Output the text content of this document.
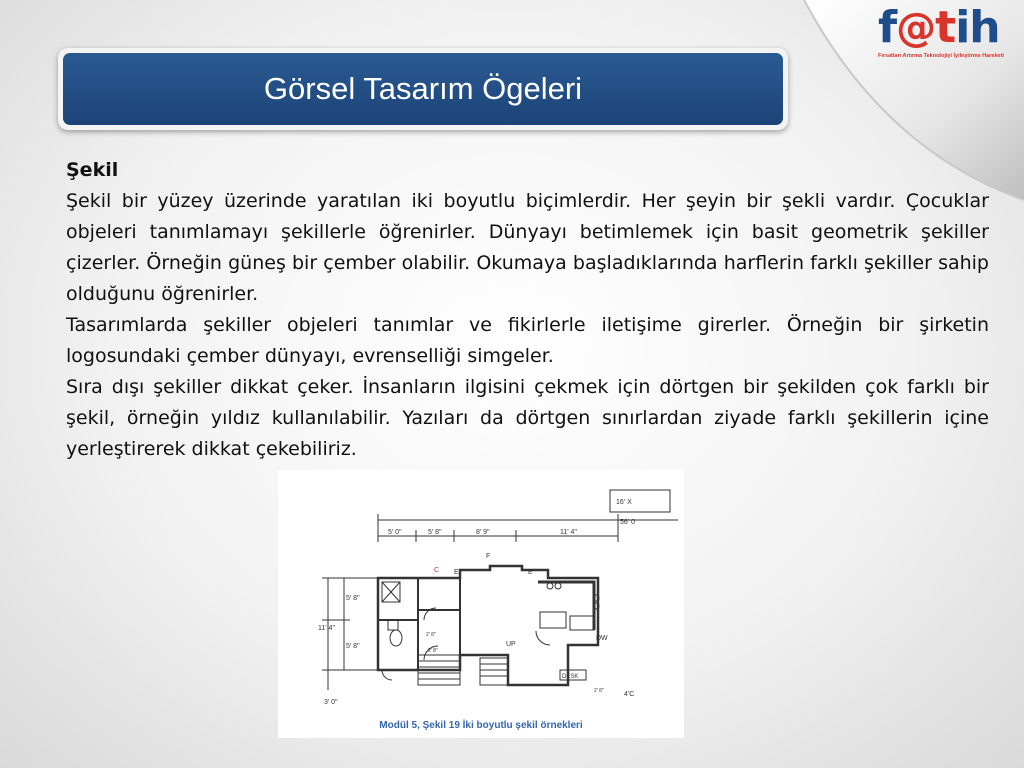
f @ t ih
Fırsatları Artırma Teknolojiyi İyileştirme Hareketi
Görsel Tasarım Ögeleri

Şekil

Şekil bir yüzey üzerinde yaratılan iki boyutlu biçimlerdir. Her şeyin bir şekli vardır. Çocuklar objeleri tanımlamayı şekillerle öğrenirler. Dünyayı betimlemek için basit geometrik şekiller çizerler. Örneğin güneş bir çember olabilir. Okumaya başladıklarında harflerin farklı şekiller sahip olduğunu öğrenirler.

Tasarımlarda şekiller objeleri tanımlar ve fikirlerle iletişime girerler. Örneğin bir şirketin logosundaki çember dünyayı, evrenselliği simgeler.

Sıra dışı şekiller dikkat çeker. İnsanların ilgisini çekmek için dörtgen bir şekilden çok farklı bir şekil, örneğin yıldız kullanılabilir. Yazıları da dörtgen sınırlardan ziyade farklı şekillerin içine yerleştirerek dikkat çekebiliriz.

16' X
56' 0
5' 0"	5' 8"	8' 9"	11' 4"
5' 8"
11' 4"
5' 8"
3' 0"
F
E	E
UP
DW
DESK
2' 8"
2' 8"
2' 8"	4'C
C
Modül 5, Şekil 19 İki boyutlu şekil örnekleri
